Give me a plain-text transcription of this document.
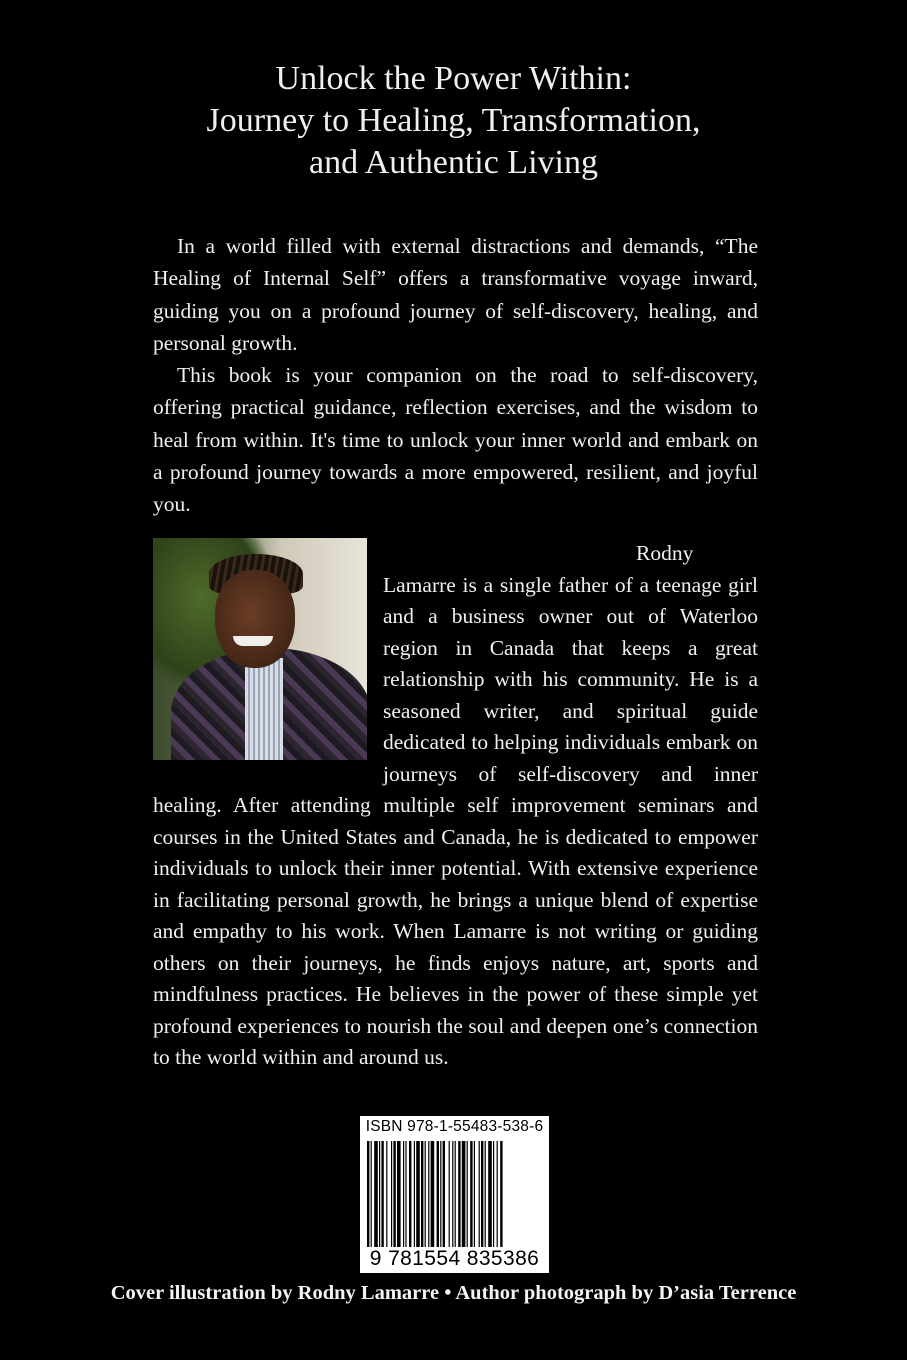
Unlock the Power Within:
Journey to Healing, Transformation,
and Authentic Living

In a world filled with external distractions and demands, “The Healing of Internal Self” offers a transformative voyage inward, guiding you on a profound journey of self-discovery, healing, and personal growth.

This book is your companion on the road to self-discovery, offering practical guidance, reflection exercises, and the wisdom to heal from within. It's time to unlock your inner world and embark on a profound journey towards a more empowered, resilient, and joyful you.

Rodny Lamarre is a single father of a teenage girl and a business owner out of Waterloo region in Canada that keeps a great relationship with his community. He is a seasoned writer, and spiritual guide dedicated to helping individuals embark on journeys of self-discovery and inner healing. After attending multiple self improvement seminars and courses in the United States and Canada, he is dedicated to empower individuals to unlock their inner potential. With extensive experience in facilitating personal growth, he brings a unique blend of expertise and empathy to his work. When Lamarre is not writing or guiding others on their journeys, he finds enjoys nature, art, sports and mindfulness practices. He believes in the power of these simple yet profound experiences to nourish the soul and deepen one’s connection to the world within and around us.

ISBN 978-1-55483-538-6
9 781554 835386
Cover illustration by Rodny Lamarre • Author photograph by D’asia Terrence
